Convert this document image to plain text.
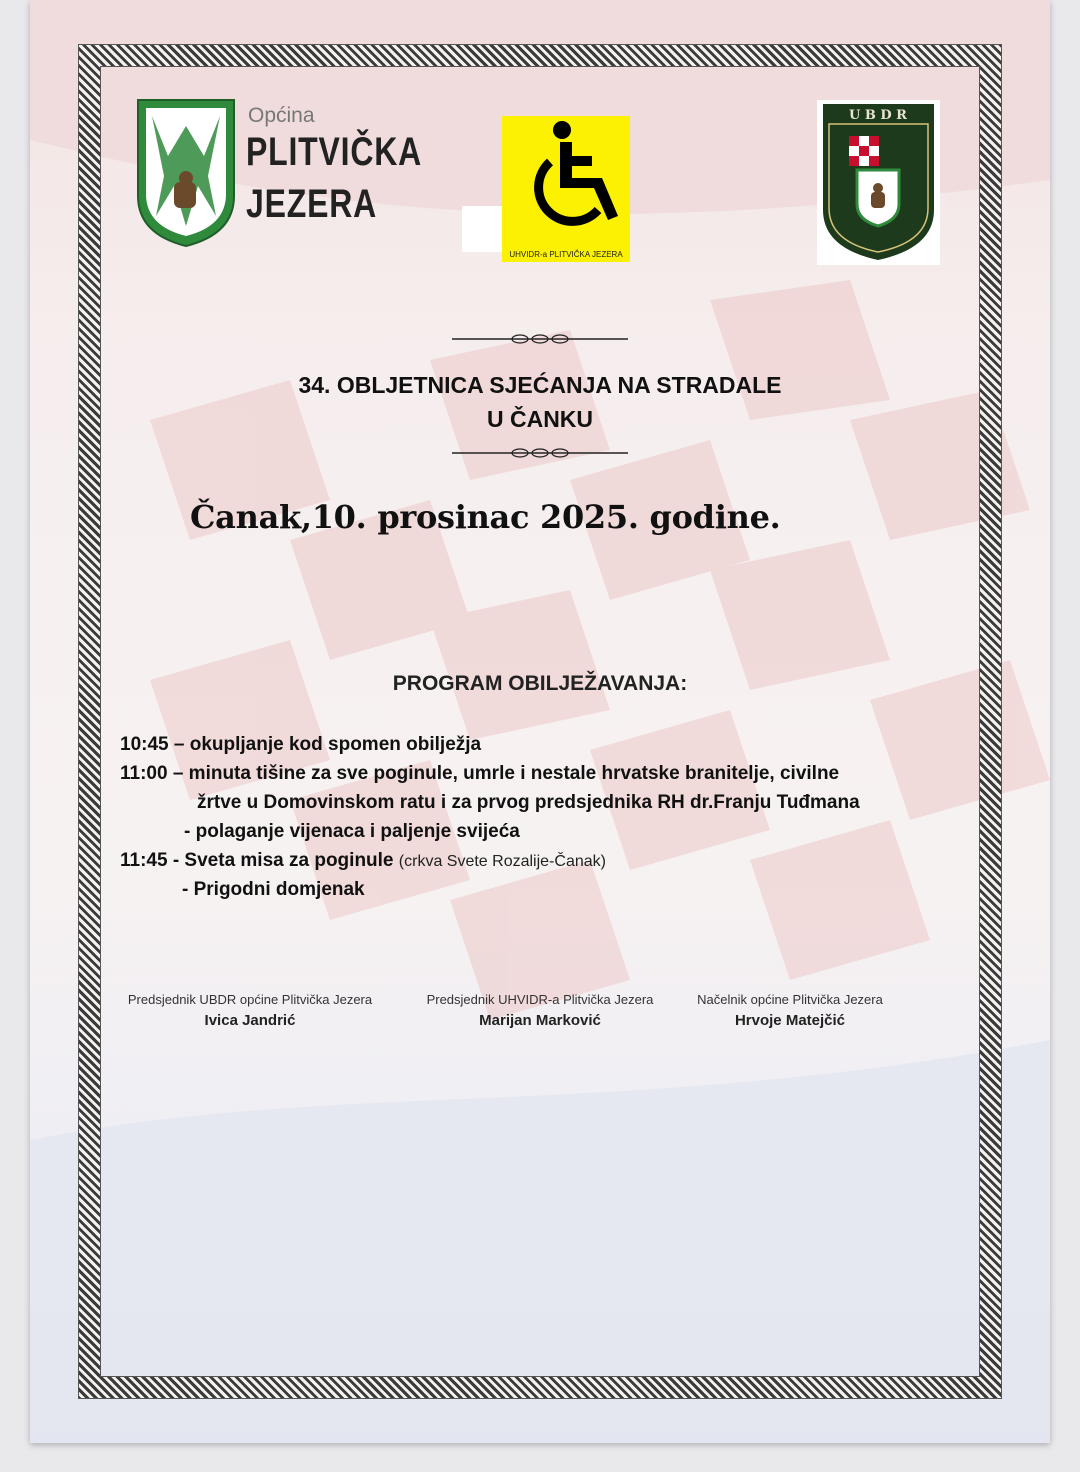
Općina
PLITVIČKA
JEZERA
UHVIDR-a PLITVIČKA JEZERA
U B D R
34. OBLJETNICA SJEĆANJA NA STRADALE
U ČANKU
Čanak,10. prosinac 2025. godine.
PROGRAM OBILJEŽAVANJA:
10:45 – okupljanje kod spomen obilježja
11:00 – minuta tišine za sve poginule, umrle i nestale hrvatske branitelje, civilne
žrtve u Domovinskom ratu i za prvog predsjednika RH dr.Franju Tuđmana
- polaganje vijenaca i paljenje svijeća
11:45 - Sveta misa za poginule (crkva Svete Rozalije-Čanak)
- Prigodni domjenak
Predsjednik UBDR općine Plitvička Jezera
Ivica Jandrić
Predsjednik UHVIDR-a Plitvička Jezera
Marijan Marković
Načelnik općine Plitvička Jezera
Hrvoje Matejčić
